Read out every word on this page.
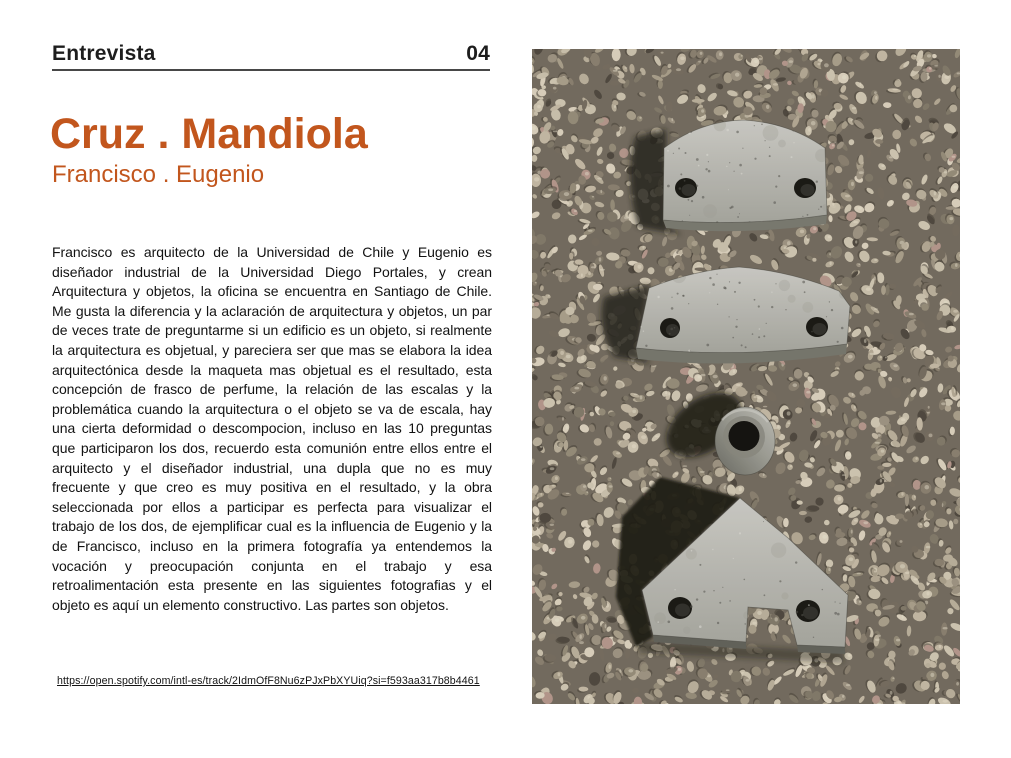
Entrevista	04
Cruz . Mandiola
Francisco . Eugenio
Francisco es arquitecto de la Universidad de Chile y Eugenio es
diseñador industrial de la Universidad Diego Portales, y crean
Arquitectura y objetos, la oficina se encuentra en Santiago de Chile.
Me gusta la diferencia y la aclaración de arquitectura y objetos, un par
de veces trate de preguntarme si un edificio es un objeto, si realmente
la arquitectura es objetual, y pareciera ser que mas se elabora la idea
arquitectónica desde la maqueta mas objetual es el resultado, esta
concepción de frasco de perfume, la relación de las escalas y la
problemática cuando la arquitectura o el objeto se va de escala, hay
una cierta deformidad o descompocion, incluso en las 10 preguntas
que participaron los dos, recuerdo esta comunión entre ellos entre el
arquitecto y el diseñador industrial, una dupla que no es muy
frecuente y que creo es muy positiva en el resultado, y la obra
seleccionada por ellos a participar es perfecta para visualizar el
trabajo de los dos, de ejemplificar cual es la influencia de Eugenio y la
de Francisco, incluso en la primera fotografía ya entendemos la
vocación y preocupación conjunta en el trabajo y esa
retroalimentación esta presente en las siguientes fotografias y el
objeto es aquí un elemento constructivo. Las partes son objetos.
https://open.spotify.com/intl-es/track/2IdmOfF8Nu6zPJxPbXYUiq?si=f593aa317b8b4461
